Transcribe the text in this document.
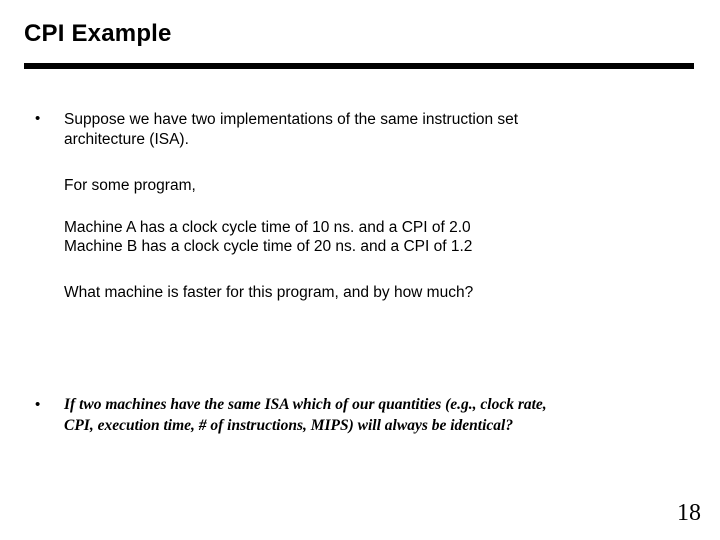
CPI Example
• Suppose we have two implementations of the same instruction set
architecture (ISA).
For some program,
Machine A has a clock cycle time of 10 ns. and a CPI of 2.0
Machine B has a clock cycle time of 20 ns. and a CPI of 1.2
What machine is faster for this program, and by how much?
• If two machines have the same ISA which of our quantities (e.g., clock rate,
CPI, execution time, # of instructions, MIPS) will always be identical?
18
